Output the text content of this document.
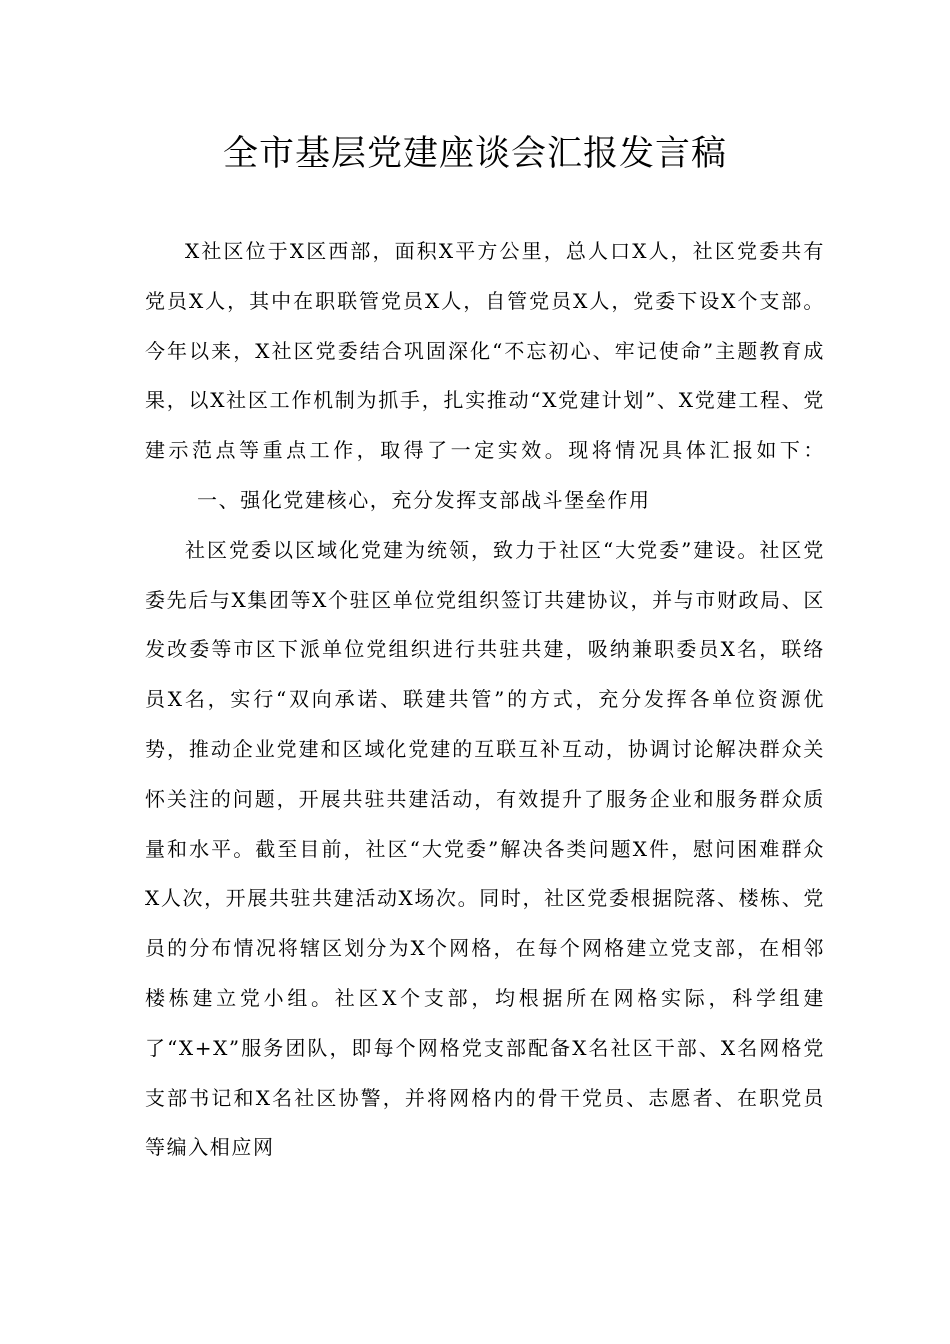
全市基层党建座谈会汇报发言稿

X社区位于X区西部，面积X平方公里，总人口X人，社区党委共有党员X人，其中在职联管党员X人，自管党员X人，党委下设X个支部。今年以来，X社区党委结合巩固深化“不忘初心、牢记使命”主题教育成果，以X社区工作机制为抓手，扎实推动“X党建计划”、X党建工程、党建示范点等重点工作，取得了一定实效。现将情况具体汇报如下：一、强化党建核心，充分发挥支部战斗堡垒作用

社区党委以区域化党建为统领，致力于社区“大党委”建设。社区党委先后与X集团等X个驻区单位党组织签订共建协议，并与市财政局、区发改委等市区下派单位党组织进行共驻共建，吸纳兼职委员X名，联络员X名，实行“双向承诺、联建共管”的方式，充分发挥各单位资源优势，推动企业党建和区域化党建的互联互补互动，协调讨论解决群众关怀关注的问题，开展共驻共建活动，有效提升了服务企业和服务群众质量和水平。截至目前，社区“大党委”解决各类问题X件，慰问困难群众X人次，开展共驻共建活动X场次。同时，社区党委根据院落、楼栋、党员的分布情况将辖区划分为X个网格，在每个网格建立党支部，在相邻楼栋建立党小组。社区X个支部，均根据所在网格实际，科学组建了“X+X”服务团队，即每个网格党支部配备X名社区干部、X名网格党支部书记和X名社区协警，并将网格内的骨干党员、志愿者、在职党员等编入相应网
